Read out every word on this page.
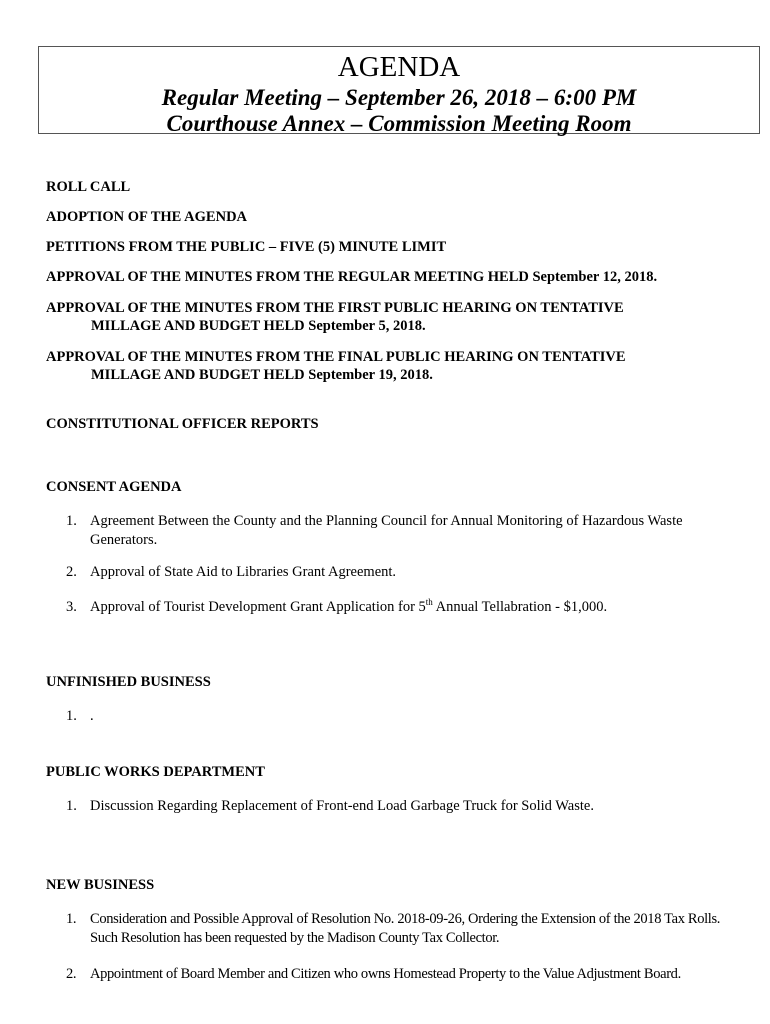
AGENDA
Regular Meeting – September 26, 2018 – 6:00 PM
Courthouse Annex – Commission Meeting Room
ROLL CALL
ADOPTION OF THE AGENDA
PETITIONS FROM THE PUBLIC – FIVE (5) MINUTE LIMIT
APPROVAL OF THE MINUTES FROM THE REGULAR MEETING HELD September 12, 2018.
APPROVAL OF THE MINUTES FROM THE FIRST PUBLIC HEARING ON TENTATIVE
MILLAGE AND BUDGET HELD September 5, 2018.
APPROVAL OF THE MINUTES FROM THE FINAL PUBLIC HEARING ON TENTATIVE
MILLAGE AND BUDGET HELD September 19, 2018.
CONSTITUTIONAL OFFICER REPORTS
CONSENT AGENDA
1. Agreement Between the County and the Planning Council for Annual Monitoring of Hazardous Waste Generators.
2. Approval of State Aid to Libraries Grant Agreement.
3. Approval of Tourist Development Grant Application for 5th Annual Tellabration - $1,000.
UNFINISHED BUSINESS
1. .
PUBLIC WORKS DEPARTMENT
1. Discussion Regarding Replacement of Front-end Load Garbage Truck for Solid Waste.
NEW BUSINESS
1. Consideration and Possible Approval of Resolution No. 2018-09-26, Ordering the Extension of the 2018 Tax Rolls. Such Resolution has been requested by the Madison County Tax Collector.
2. Appointment of Board Member and Citizen who owns Homestead Property to the Value Adjustment Board.
